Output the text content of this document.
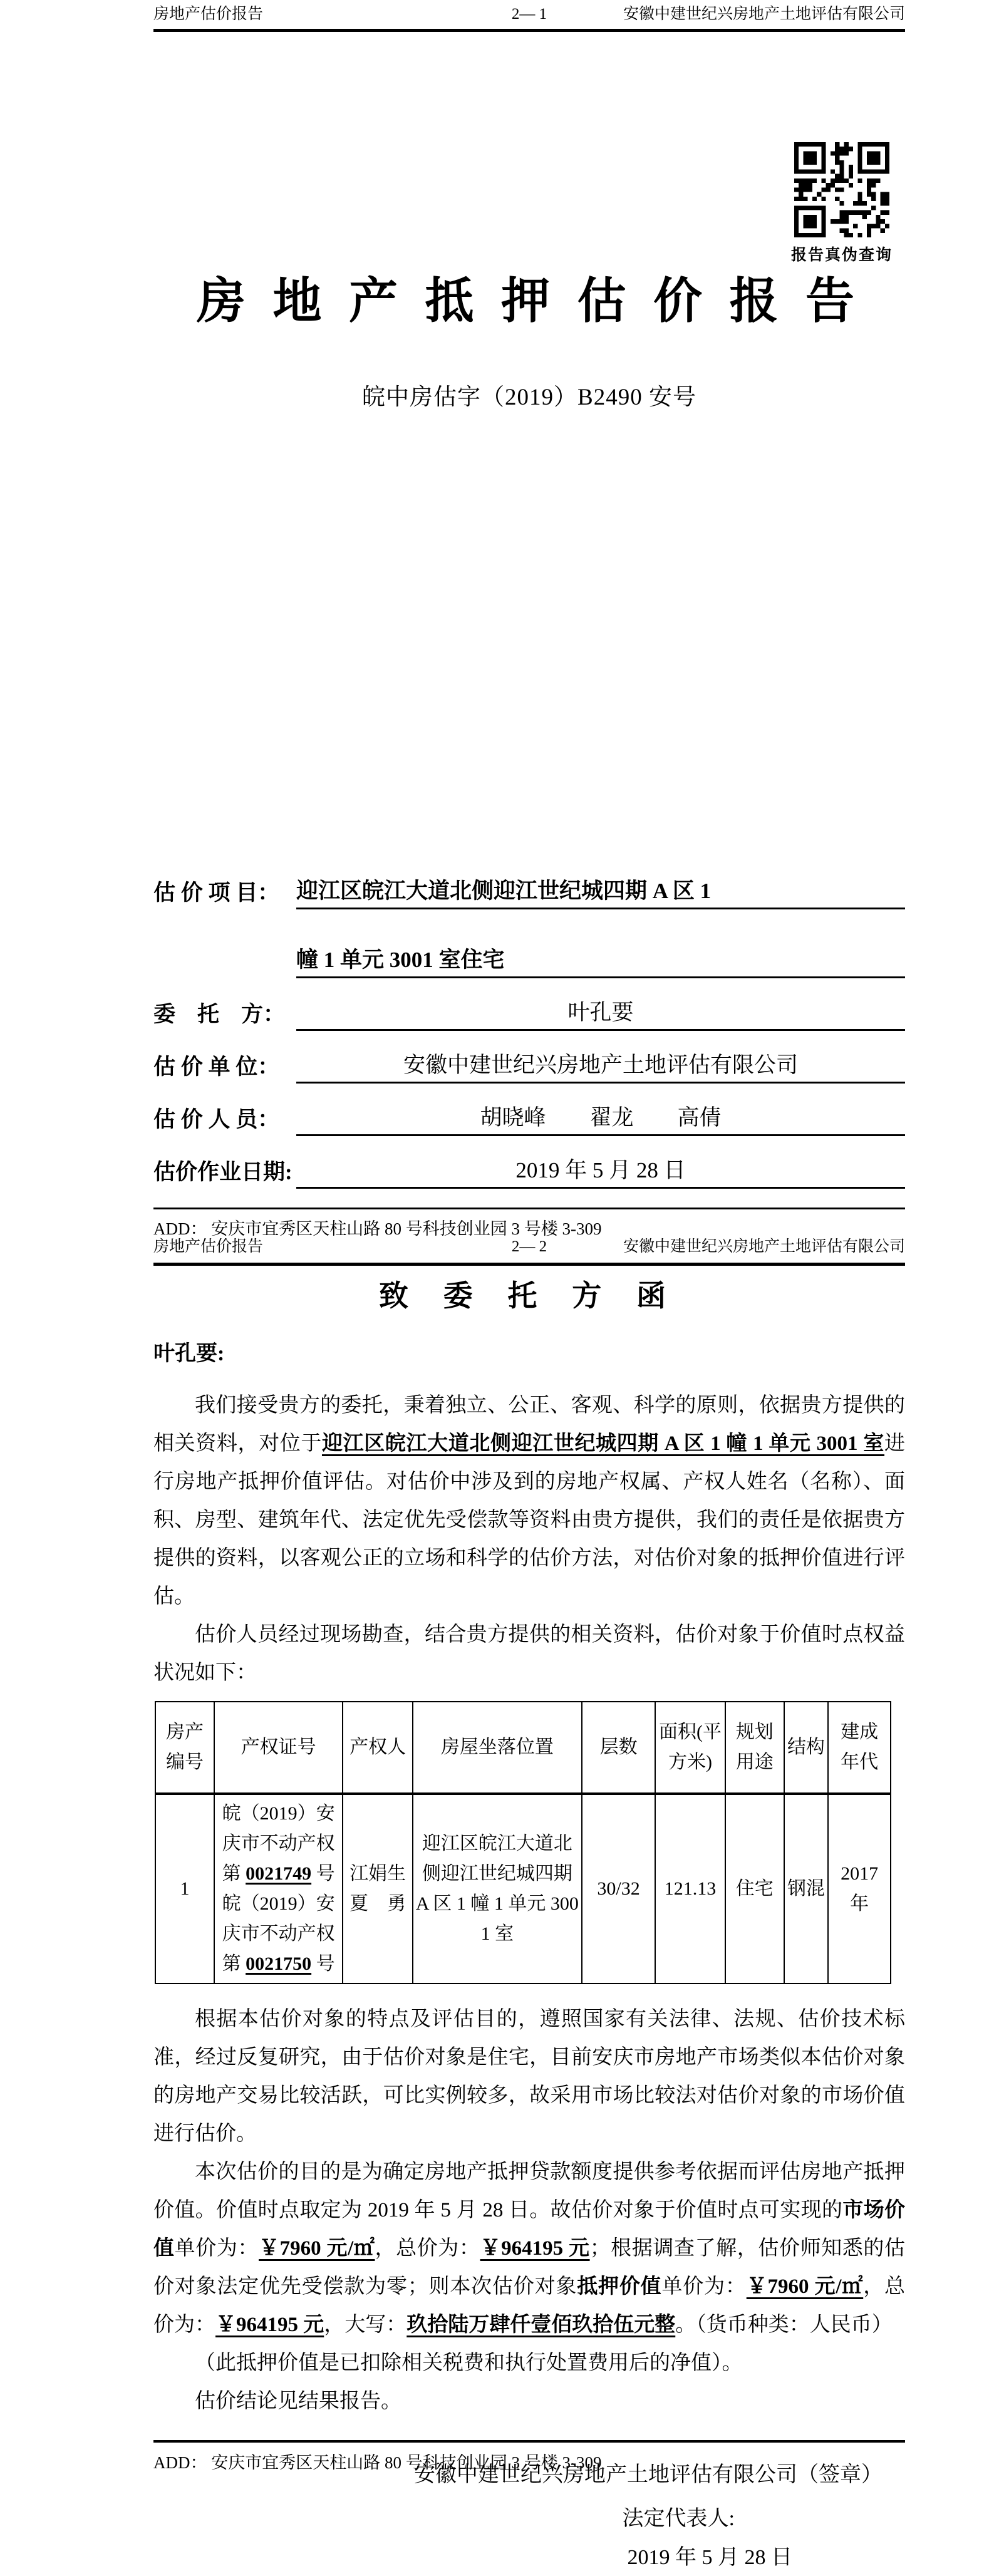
房地产估价报告	2— 1	安徽中建世纪兴房地产土地评估有限公司
报告真伪查询
房 地 产 抵 押 估 价 报 告
皖中房估字（2019）B2490 安号
估 价 项 目： 迎江区皖江大道北侧迎江世纪城四期 A 区 1
幢 1 单元 3001 室住宅
委　托　方：	叶孔要
估 价 单 位：	安徽中建世纪兴房地产土地评估有限公司
估 价 人 员：	胡晓峰　　翟龙　　高倩
估价作业日期:	2019 年 5 月 28 日
ADD： 安庆市宜秀区天柱山路 80 号科技创业园 3 号楼 3-309
房地产估价报告	2— 2	安徽中建世纪兴房地产土地评估有限公司
致 委 托 方 函
叶孔要:

我们接受贵方的委托，秉着独立、公正、客观、科学的原则，依据贵方提供的相关资料，对位于迎江区皖江大道北侧迎江世纪城四期 A 区 1 幢 1 单元 3001 室进行房地产抵押价值评估。对估价中涉及到的房地产权属、产权人姓名（名称）、面积、房型、建筑年代、法定优先受偿款等资料由贵方提供，我们的责任是依据贵方提供的资料，以客观公正的立场和科学的估价方法，对估价对象的抵押价值进行评估。

估价人员经过现场勘查，结合贵方提供的相关资料，估价对象于价值时点权益状况如下：

房产编号	产权证号	产权人	房屋坐落位置	层数	面积(平方米)	规划用途	结构	建成年代
1	皖（2019）安庆市不动产权第 0021749 号皖（2019）安庆市不动产权第 0021750 号	江娟生
夏　勇	迎江区皖江大道北侧迎江世纪城四期 A 区 1 幢 1 单元 3001 室	30/32	121.13	住宅	钢混	2017 年

根据本估价对象的特点及评估目的，遵照国家有关法律、法规、估价技术标准，经过反复研究，由于估价对象是住宅，目前安庆市房地产市场类似本估价对象的房地产交易比较活跃，可比实例较多，故采用市场比较法对估价对象的市场价值进行估价。

本次估价的目的是为确定房地产抵押贷款额度提供参考依据而评估房地产抵押价值。价值时点取定为 2019 年 5 月 28 日。故估价对象于价值时点可实现的市场价值单价为：￥7960 元/㎡，总价为：￥964195 元；根据调查了解，估价师知悉的估价对象法定优先受偿款为零；则本次估价对象抵押价值单价为：￥7960 元/㎡，总价为：￥964195 元，大写：玖拾陆万肆仟壹佰玖拾伍元整。（货币种类：人民币）

（此抵押价值是已扣除相关税费和执行处置费用后的净值）。

估价结论见结果报告。

安徽中建世纪兴房地产土地评估有限公司（签章）
法定代表人:
2019 年 5 月 28 日
ADD： 安庆市宜秀区天柱山路 80 号科技创业园 3 号楼 3-309
